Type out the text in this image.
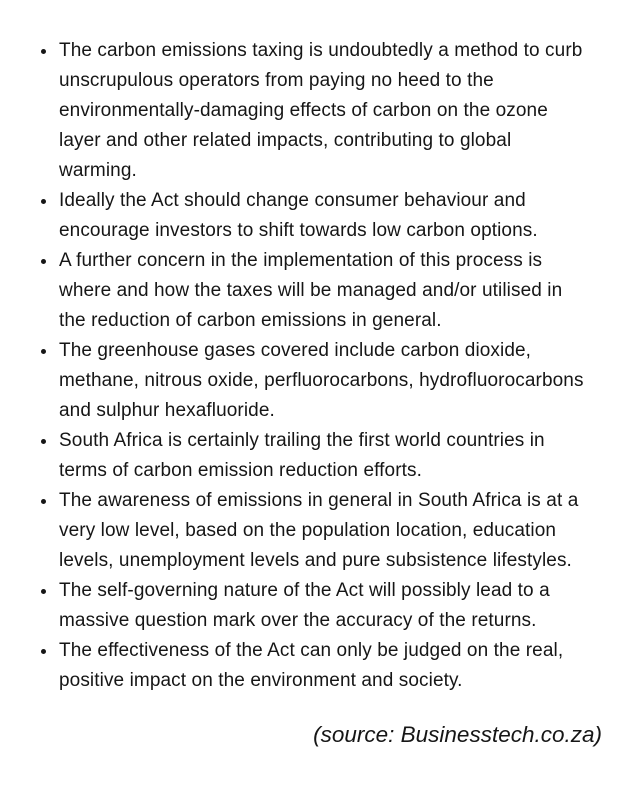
• The carbon emissions taxing is undoubtedly a method to curb unscrupulous operators from paying no heed to the environmentally-damaging effects of carbon on the ozone layer and other related impacts, contributing to global warming.
• Ideally the Act should change consumer behaviour and encourage investors to shift towards low carbon options.
• A further concern in the implementation of this process is where and how the taxes will be managed and/or utilised in the reduction of carbon emissions in general.
• The greenhouse gases covered include carbon dioxide, methane, nitrous oxide, perfluorocarbons, hydrofluorocarbons and sulphur hexafluoride.
• South Africa is certainly trailing the first world countries in terms of carbon emission reduction efforts.
• The awareness of emissions in general in South Africa is at a very low level, based on the population location, education levels, unemployment levels and pure subsistence lifestyles.
• The self-governing nature of the Act will possibly lead to a massive question mark over the accuracy of the returns.
• The effectiveness of the Act can only be judged on the real, positive impact on the environment and society.
(source: Businesstech.co.za)
